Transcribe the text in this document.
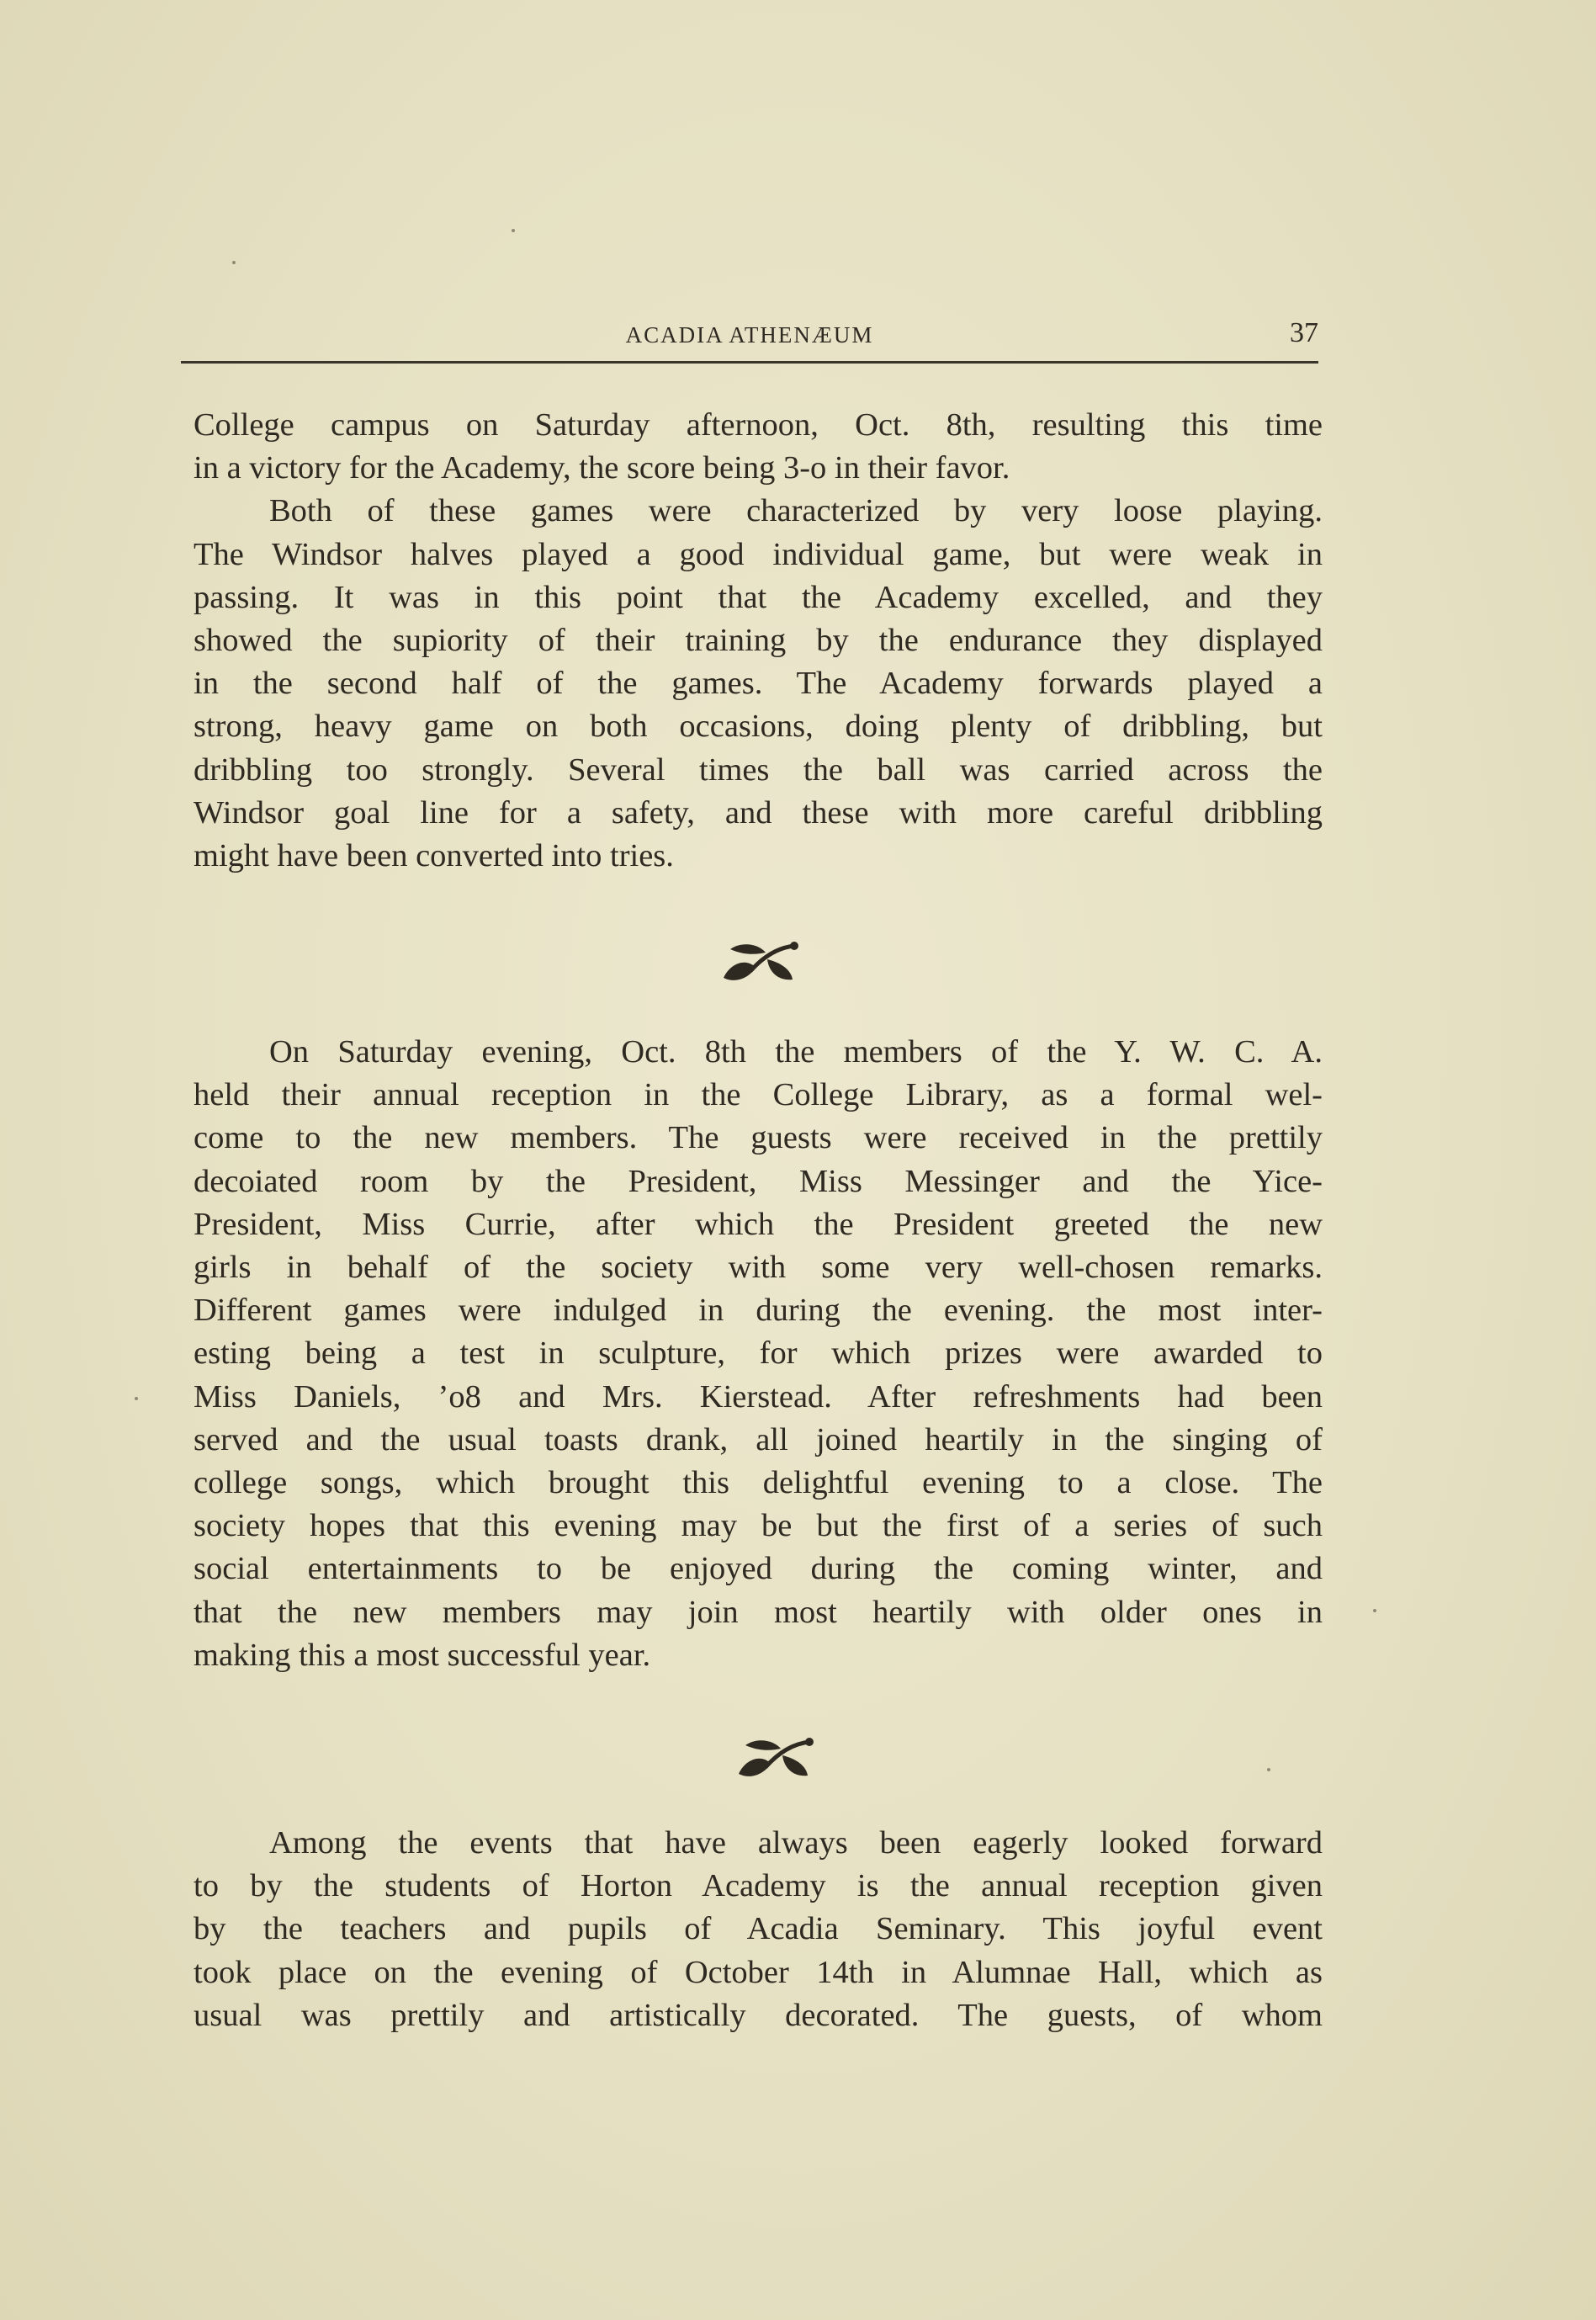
ACADIA ATHENÆUM	37
College campus on Saturday afternoon, Oct. 8th, resulting this time
in a victory for the Academy, the score being 3-o in their favor.
Both of these games were characterized by very loose playing.
The Windsor halves played a good individual game, but were weak in
passing. It was in this point that the Academy excelled, and they
showed the supiority of their training by the endurance they displayed
in the second half of the games. The Academy forwards played a
strong, heavy game on both occasions, doing plenty of dribbling, but
dribbling too strongly. Several times the ball was carried across the
Windsor goal line for a safety, and these with more careful dribbling
might have been converted into tries.
On Saturday evening, Oct. 8th the members of the Y. W. C. A.
held their annual reception in the College Library, as a formal wel-
come to the new members. The guests were received in the prettily
decoiated room by the President, Miss Messinger and the Yice-
President, Miss Currie, after which the President greeted the new
girls in behalf of the society with some very well-chosen remarks.
Different games were indulged in during the evening. the most inter-
esting being a test in sculpture, for which prizes were awarded to
Miss Daniels, ’o8 and Mrs. Kierstead. After refreshments had been
served and the usual toasts drank, all joined heartily in the singing of
college songs, which brought this delightful evening to a close. The
society hopes that this evening may be but the first of a series of such
social entertainments to be enjoyed during the coming winter, and
that the new members may join most heartily with older ones in
making this a most successful year.
Among the events that have always been eagerly looked forward
to by the students of Horton Academy is the annual reception given
by the teachers and pupils of Acadia Seminary. This joyful event
took place on the evening of October 14th in Alumnae Hall, which as
usual was prettily and artistically decorated. The guests, of whom
